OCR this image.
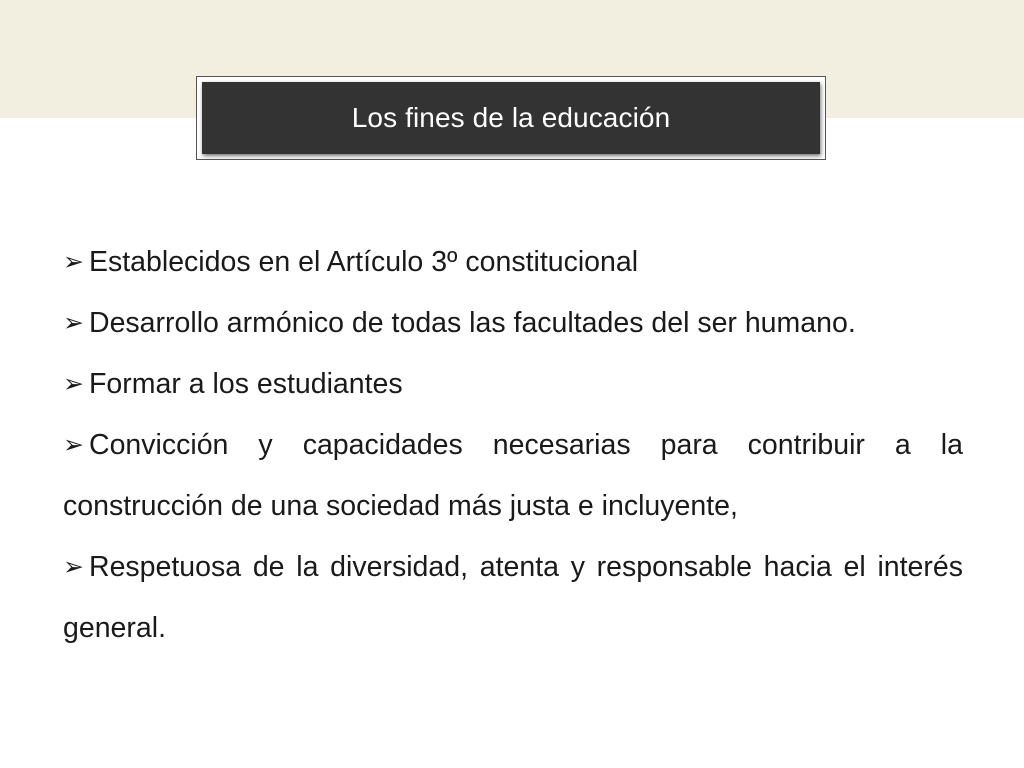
Los fines de la educación
➢ Establecidos en el Artículo 3º constitucional
➢ Desarrollo armónico de todas las facultades del ser humano.
➢ Formar a los estudiantes
➢ Convicción y capacidades necesarias para contribuir a la construcción de una sociedad más justa e incluyente,
➢ Respetuosa de la diversidad, atenta y responsable hacia el interés general.
